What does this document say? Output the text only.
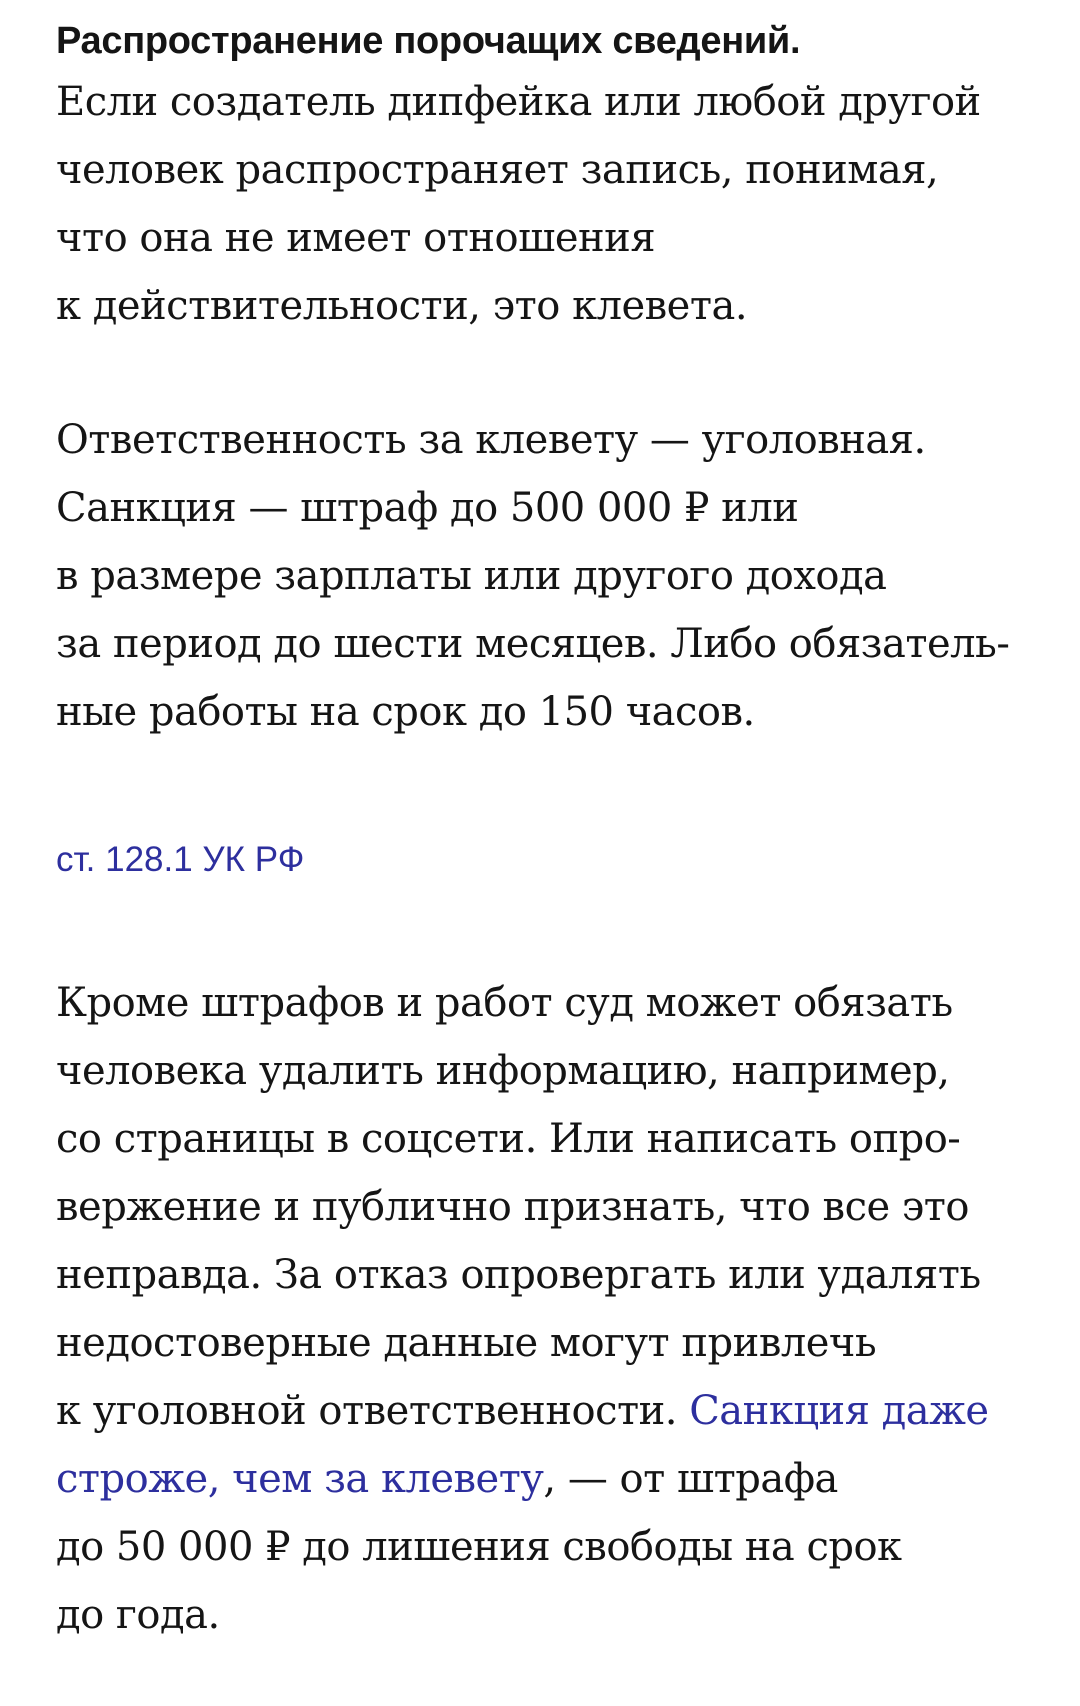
Распространение порочащих сведений.

Если создатель дипфейка или любой другой
человек распространяет запись, понимая,
что она не имеет отношения
к действительности, это клевета.

Ответственность за клевету — уголовная.
Санкция — штраф до 500 000 ₽ или
в размере зарплаты или другого дохода
за период до шести месяцев. Либо обязатель-
ные работы на срок до 150 часов.

ст. 128.1 УК РФ

Кроме штрафов и работ суд может обязать
человека удалить информацию, например,
со страницы в соцсети. Или написать опро-
вержение и публично признать, что все это
неправда. За отказ опровергать или удалять
недостоверные данные могут привлечь
к уголовной ответственности. Санкция даже
строже, чем за клевету, — от штрафа
до 50 000 ₽ до лишения свободы на срок
до года.
